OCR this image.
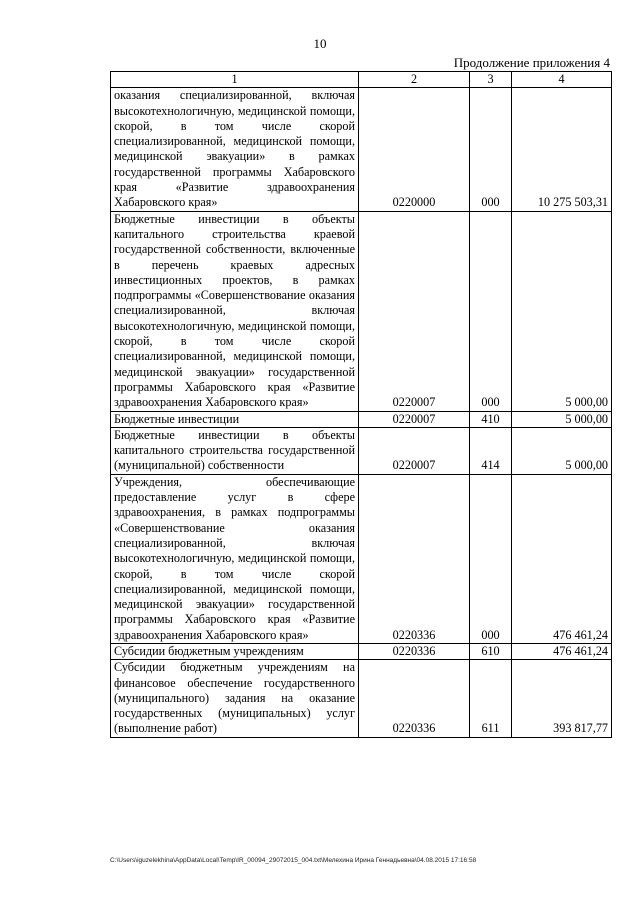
10
Продолжение приложения 4
1	2	3	4
оказания специализированной, включая высокотехнологичную, медицинской помощи, скорой, в том числе скорой специализированной, медицинской помощи, медицинской эвакуации» в рамках государственной программы Хабаровского края «Развитие здравоохранения Хабаровского края»	0220000	000	10 275 503,31
Бюджетные инвестиции в объекты капитального строительства краевой государственной собственности, включенные в перечень краевых адресных инвестиционных проектов, в рамках подпрограммы «Совершенствование оказания специализированной, включая высокотехнологичную, медицинской помощи, скорой, в том числе скорой специализированной, медицинской помощи, медицинской эвакуации» государственной программы Хабаровского края «Развитие здравоохранения Хабаровского края»	0220007	000	5 000,00
Бюджетные инвестиции	0220007	410	5 000,00
Бюджетные инвестиции в объекты капитального строительства государственной (муниципальной) собственности	0220007	414	5 000,00
Учреждения, обеспечивающие предоставление услуг в сфере здравоохранения, в рамках подпрограммы «Совершенствование оказания специализированной, включая высокотехнологичную, медицинской помощи, скорой, в том числе скорой специализированной, медицинской помощи, медицинской эвакуации» государственной программы Хабаровского края «Развитие здравоохранения Хабаровского края»	0220336	000	476 461,24
Субсидии бюджетным учреждениям	0220336	610	476 461,24
Субсидии бюджетным учреждениям на финансовое обеспечение государственного (муниципального) задания на оказание государственных (муниципальных) услуг (выполнение работ)	0220336	611	393 817,77
C:\Users\iguzelekhina\AppData\Local\Temp\IR_00094_29072015_004.txt\Мелехина Ирина Геннадьевна\04.08.2015 17:16:58
